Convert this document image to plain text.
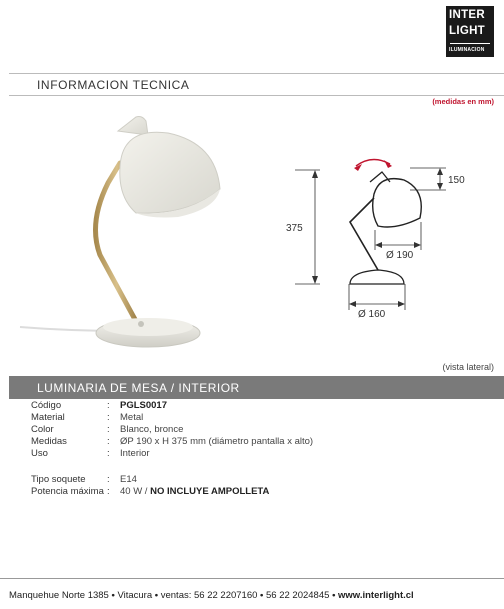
INTER
LIGHT
ILUMINACION
INFORMACION TECNICA
(medidas en mm)
375
150
Ø 190
Ø 160
(vista lateral)
LUMINARIA DE MESA / INTERIOR
Código	: PGLS0017
Material	: Metal
Color	: Blanco, bronce
Medidas	: ØP 190 x H 375 mm (diámetro pantalla x alto)
Uso	: Interior
Tipo soquete : E14
Potencia máxima : 40 W / NO INCLUYE AMPOLLETA
Manquehue Norte 1385 • Vitacura • ventas: 56 22 2207160 • 56 22 2024845 • www.interlight.cl
